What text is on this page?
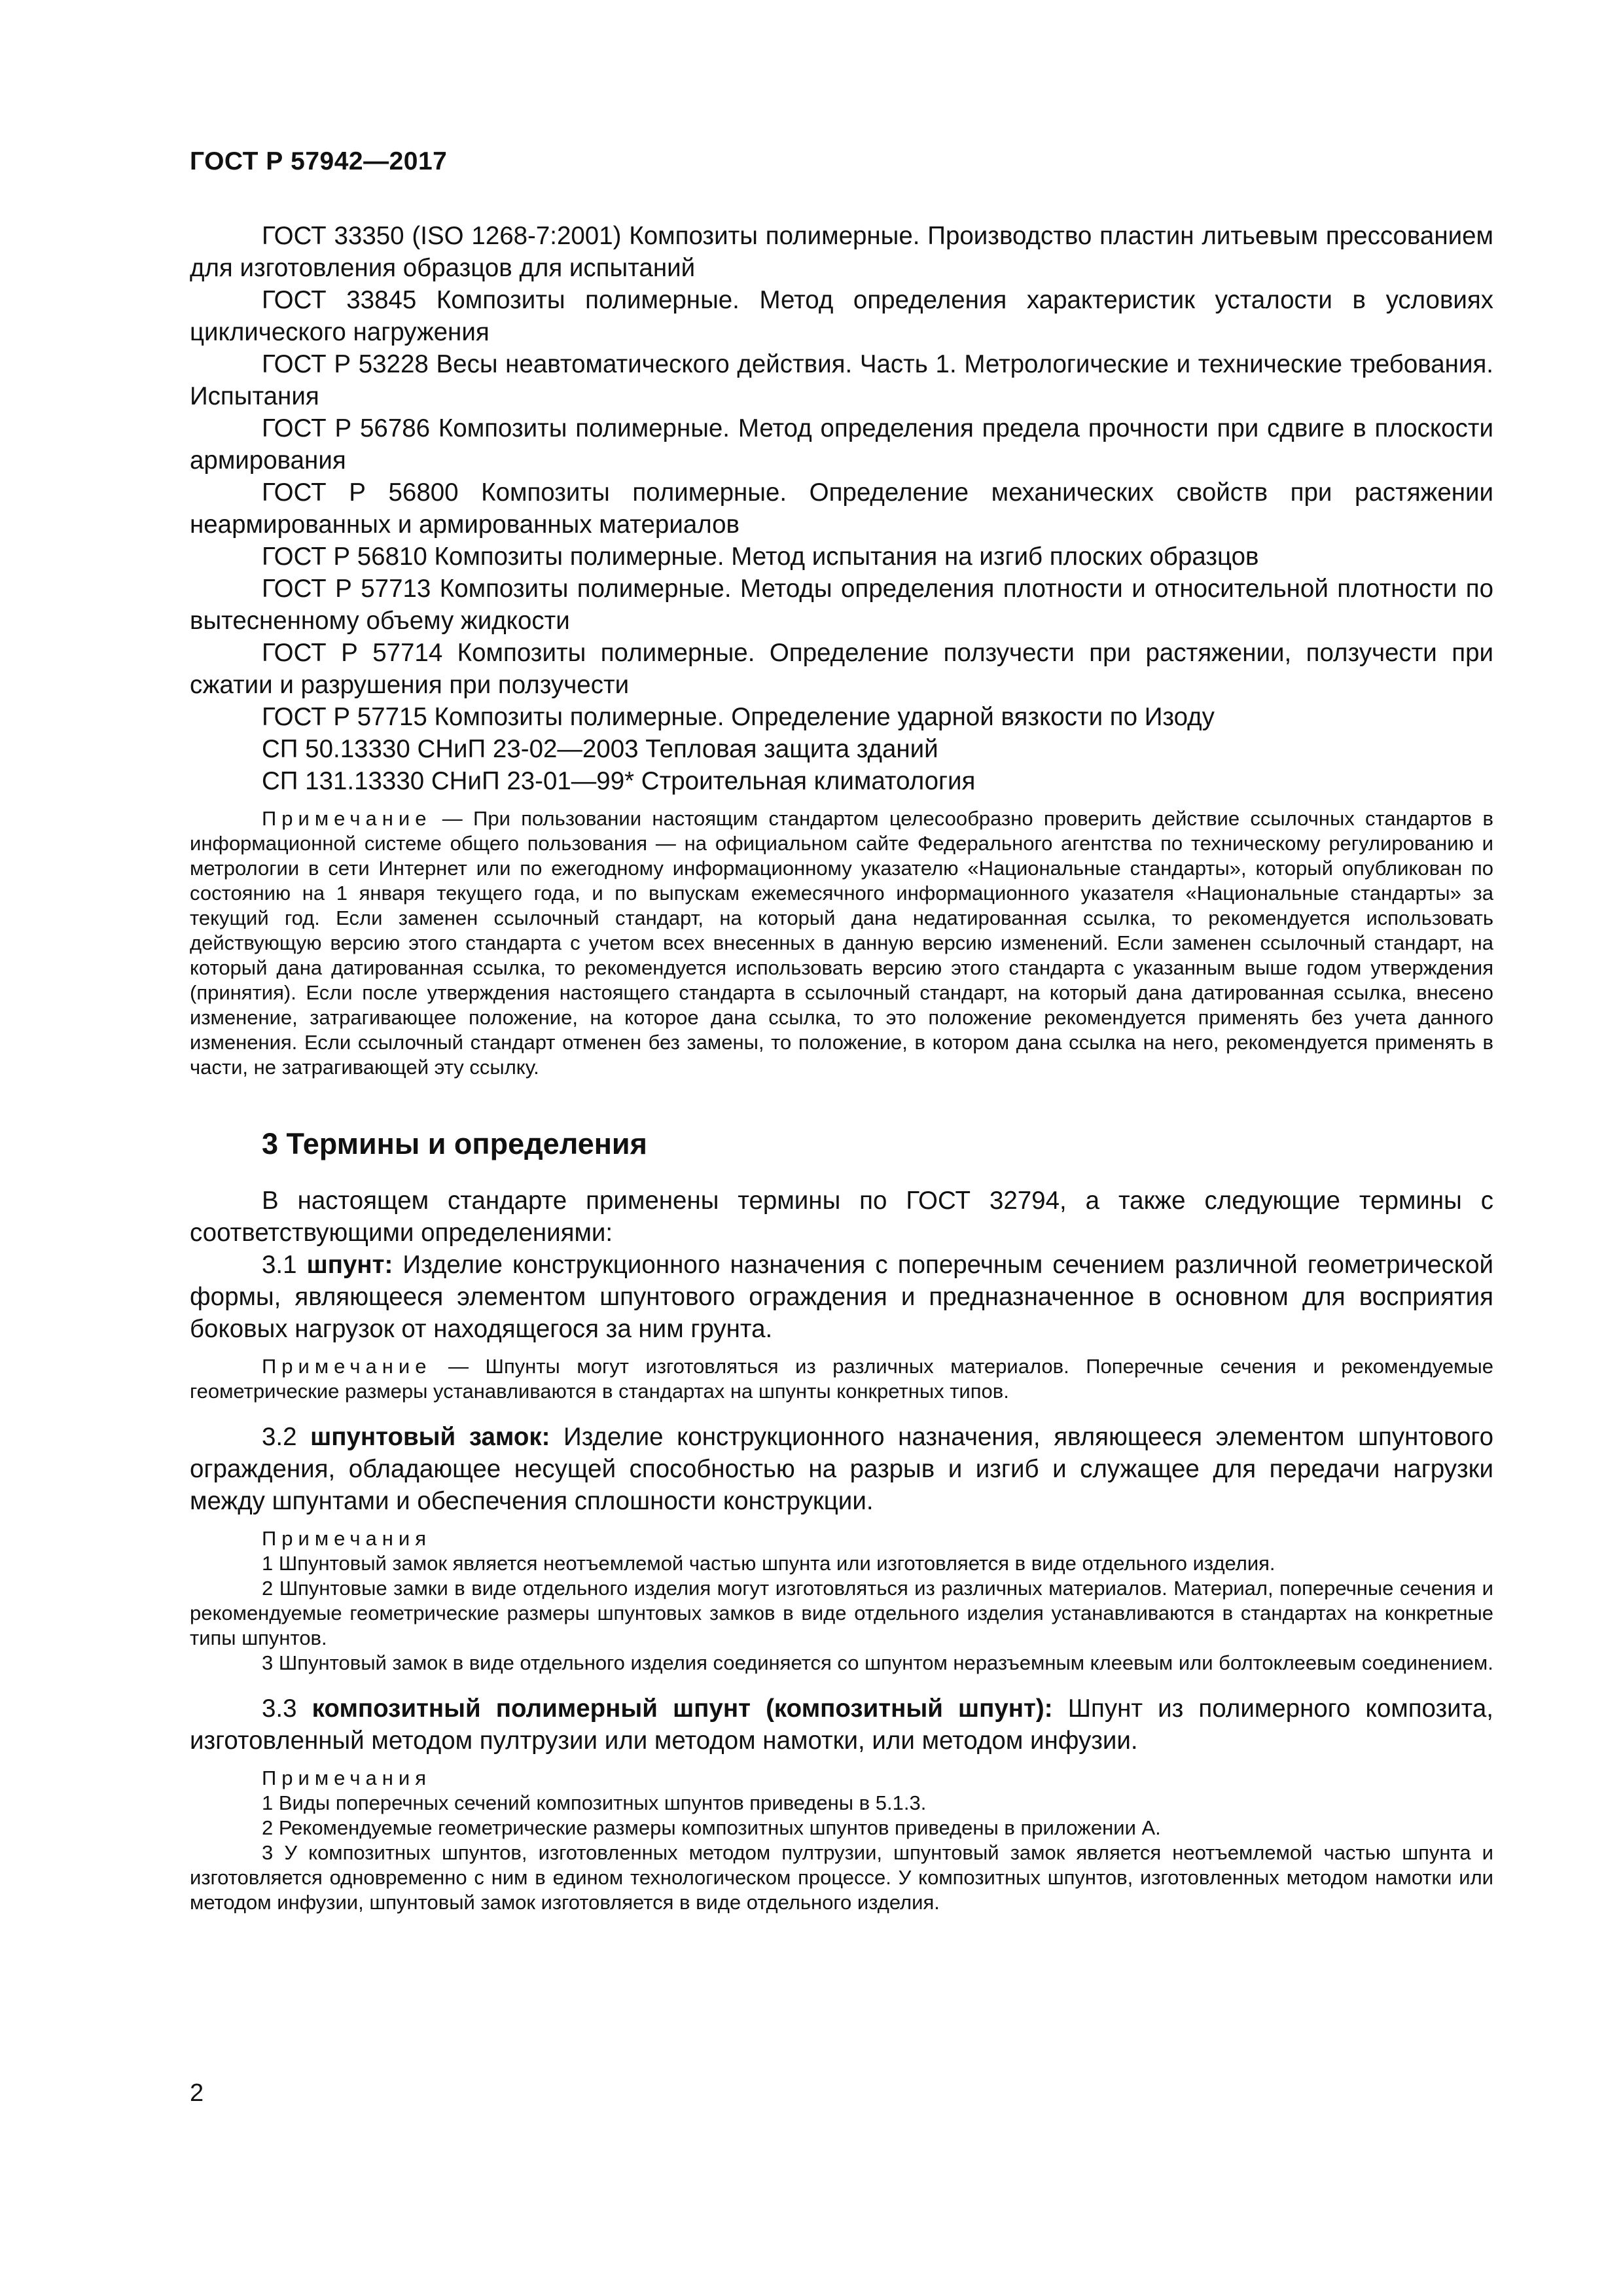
ГОСТ Р 57942—2017

ГОСТ 33350 (ISO 1268-7:2001) Композиты полимерные. Производство пластин литьевым прессованием для изготовления образцов для испытаний

ГОСТ 33845 Композиты полимерные. Метод определения характеристик усталости в условиях циклического нагружения

ГОСТ Р 53228 Весы неавтоматического действия. Часть 1. Метрологические и технические требования. Испытания

ГОСТ Р 56786 Композиты полимерные. Метод определения предела прочности при сдвиге в плоскости армирования

ГОСТ Р 56800 Композиты полимерные. Определение механических свойств при растяжении неармированных и армированных материалов

ГОСТ Р 56810 Композиты полимерные. Метод испытания на изгиб плоских образцов

ГОСТ Р 57713 Композиты полимерные. Методы определения плотности и относительной плотности по вытесненному объему жидкости

ГОСТ Р 57714 Композиты полимерные. Определение ползучести при растяжении, ползучести при сжатии и разрушения при ползучести

ГОСТ Р 57715 Композиты полимерные. Определение ударной вязкости по Изоду

СП 50.13330 СНиП 23-02—2003 Тепловая защита зданий

СП 131.13330 СНиП 23-01—99* Строительная климатология

Примечание — При пользовании настоящим стандартом целесообразно проверить действие ссылочных стандартов в информационной системе общего пользования — на официальном сайте Федерального агентства по техническому регулированию и метрологии в сети Интернет или по ежегодному информационному указателю «Национальные стандарты», который опубликован по состоянию на 1 января текущего года, и по выпускам ежемесячного информационного указателя «Национальные стандарты» за текущий год. Если заменен ссылочный стандарт, на который дана недатированная ссылка, то рекомендуется использовать действующую версию этого стандарта с учетом всех внесенных в данную версию изменений. Если заменен ссылочный стандарт, на который дана датированная ссылка, то рекомендуется использовать версию этого стандарта с указанным выше годом утверждения (принятия). Если после утверждения настоящего стандарта в ссылочный стандарт, на который дана датированная ссылка, внесено изменение, затрагивающее положение, на которое дана ссылка, то это положение рекомендуется применять без учета данного изменения. Если ссылочный стандарт отменен без замены, то положение, в котором дана ссылка на него, рекомендуется применять в части, не затрагивающей эту ссылку.

3 Термины и определения

В настоящем стандарте применены термины по ГОСТ 32794, а также следующие термины с соответствующими определениями:

3.1 шпунт: Изделие конструкционного назначения с поперечным сечением различной геометрической формы, являющееся элементом шпунтового ограждения и предназначенное в основном для восприятия боковых нагрузок от находящегося за ним грунта.

Примечание — Шпунты могут изготовляться из различных материалов. Поперечные сечения и рекомендуемые геометрические размеры устанавливаются в стандартах на шпунты конкретных типов.

3.2 шпунтовый замок: Изделие конструкционного назначения, являющееся элементом шпунтового ограждения, обладающее несущей способностью на разрыв и изгиб и служащее для передачи нагрузки между шпунтами и обеспечения сплошности конструкции.

Примечания

1 Шпунтовый замок является неотъемлемой частью шпунта или изготовляется в виде отдельного изделия.

2 Шпунтовые замки в виде отдельного изделия могут изготовляться из различных материалов. Материал, поперечные сечения и рекомендуемые геометрические размеры шпунтовых замков в виде отдельного изделия устанавливаются в стандартах на конкретные типы шпунтов.

3 Шпунтовый замок в виде отдельного изделия соединяется со шпунтом неразъемным клеевым или болтоклеевым соединением.

3.3 композитный полимерный шпунт (композитный шпунт): Шпунт из полимерного композита, изготовленный методом пултрузии или методом намотки, или методом инфузии.

Примечания

1 Виды поперечных сечений композитных шпунтов приведены в 5.1.3.

2 Рекомендуемые геометрические размеры композитных шпунтов приведены в приложении А.

3 У композитных шпунтов, изготовленных методом пултрузии, шпунтовый замок является неотъемлемой частью шпунта и изготовляется одновременно с ним в едином технологическом процессе. У композитных шпунтов, изготовленных методом намотки или методом инфузии, шпунтовый замок изготовляется в виде отдельного изделия.

2
